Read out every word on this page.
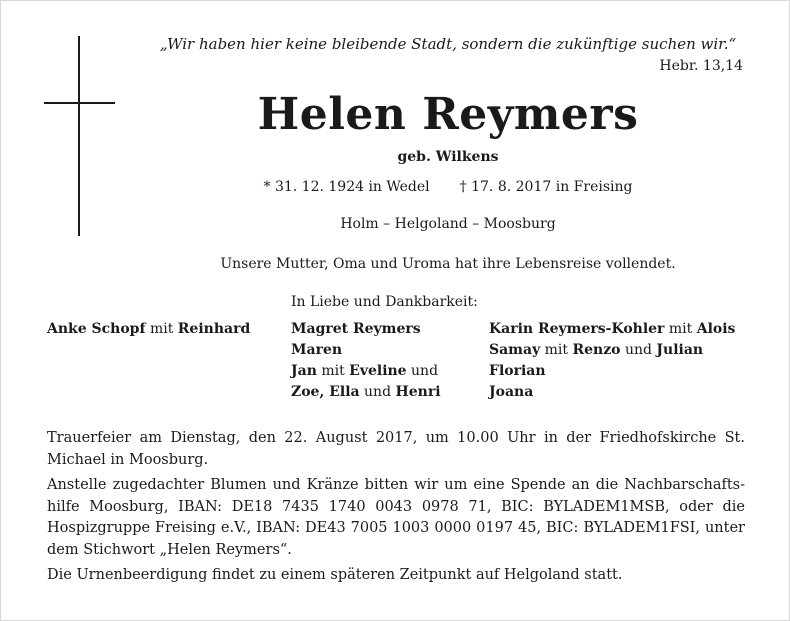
„Wir haben hier keine bleibende Stadt, sondern die zukünftige suchen wir.“
Hebr. 13,14
Helen Reymers
geb. Wilkens
* 31. 12. 1924 in Wedel † 17. 8. 2017 in Freising
Holm – Helgoland – Moosburg
Unsere Mutter, Oma und Uroma hat ihre Lebensreise vollendet.
In Liebe und Dankbarkeit:
Anke Schopf mit Reinhard	Magret Reymers
Maren
Jan mit Eveline und
Zoe, Ella und Henri
Karin Reymers-Kohler mit Alois
Samay mit Renzo und Julian
Florian
Joana

Trauerfeier am Dienstag, den 22. August 2017, um 10.00 Uhr in der Friedhofskirche St. Michael in Moosburg.

Anstelle zugedachter Blumen und Kränze bitten wir um eine Spende an die Nachbarschafts-hilfe Moosburg, IBAN: DE18 7435 1740 0043 0978 71, BIC: BYLADEM1MSB, oder die Hospizgruppe Freising e.V., IBAN: DE43 7005 1003 0000 0197 45, BIC: BYLADEM1FSI, unter dem Stichwort „Helen Reymers“.

Die Urnenbeerdigung findet zu einem späteren Zeitpunkt auf Helgoland statt.
